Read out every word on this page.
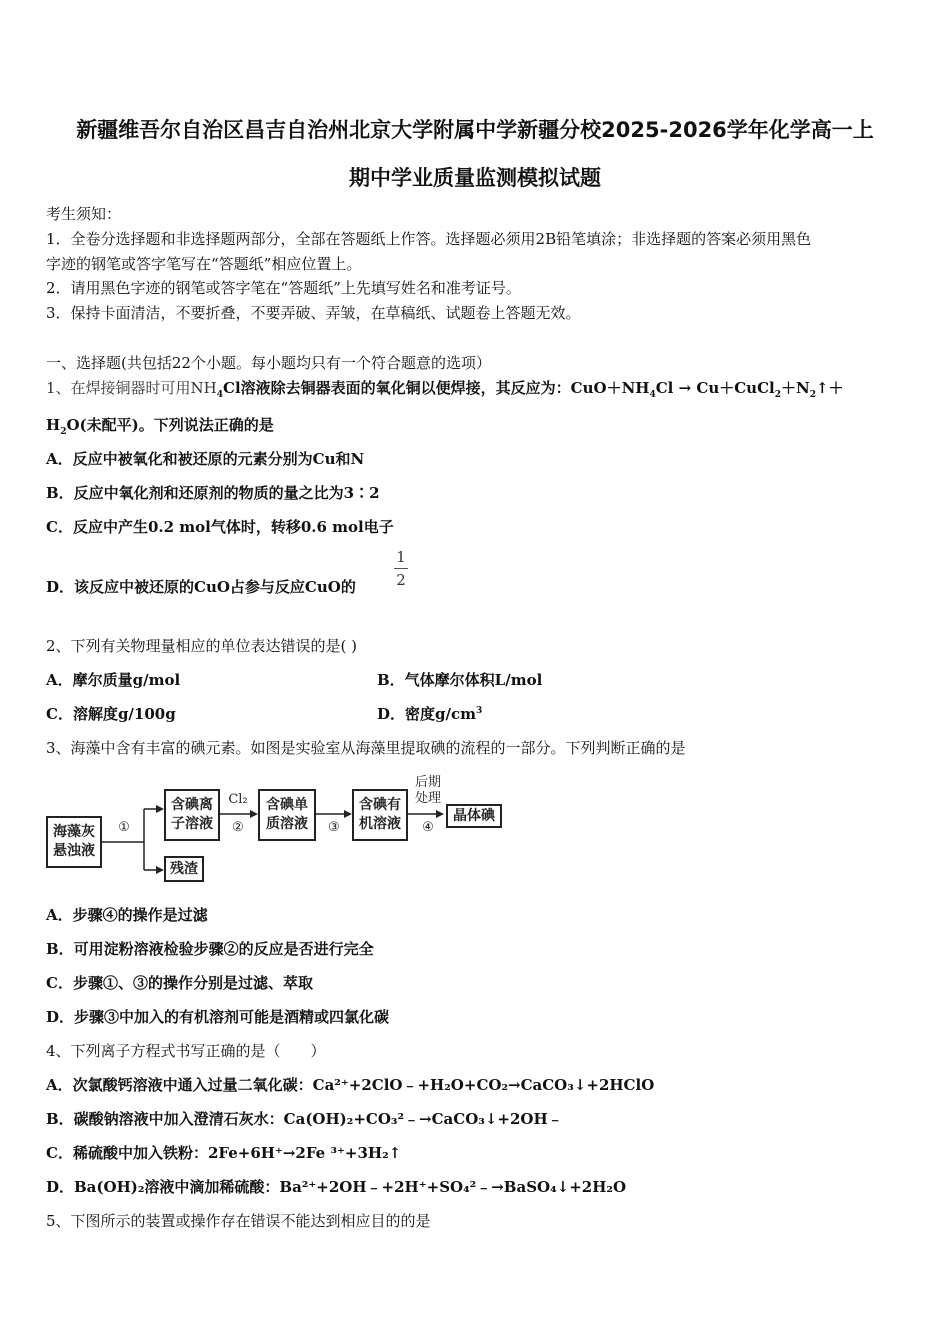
新疆维吾尔自治区昌吉自治州北京大学附属中学新疆分校2025-2026学年化学高一上
期中学业质量监测模拟试题
考生须知：
1．全卷分选择题和非选择题两部分，全部在答题纸上作答。选择题必须用2B铅笔填涂；非选择题的答案必须用黑色
字迹的钢笔或答字笔写在“答题纸”相应位置上。
2．请用黑色字迹的钢笔或答字笔在“答题纸”上先填写姓名和准考证号。
3．保持卡面清洁，不要折叠，不要弄破、弄皱，在草稿纸、试题卷上答题无效。
一、选择题(共包括22个小题。每小题均只有一个符合题意的选项）
1、在焊接铜器时可用$NH_4Cl$溶液除去铜器表面的氧化铜以便焊接，其反应为：$CuO+NH_4Cl$ → $Cu+CuCl_2+N_2↑+$
$H_2O$(未配平)。下列说法正确的是
A．反应中被氧化和被还原的元素分别为Cu和N
B．反应中氧化剂和还原剂的物质的量之比为3∶2
C．反应中产生0.2 mol气体时，转移0.6 mol电子
D．该反应中被还原的CuO占参与反应CuO的
1
2
2、下列有关物理量相应的单位表达错误的是( )
A．摩尔质量g/mol	B．气体摩尔体积L/mol
C．溶解度g/100g	D．密度$g/cm^3$
3、海藻中含有丰富的碘元素。如图是实验室从海藻里提取碘的流程的一部分。下列判断正确的是
海藻灰悬浊液
含碘离子溶液
含碘单质溶液
含碘有机溶液	晶体碘
残渣
①
Cl₂
②	③
后期处理
④
A．步骤④的操作是过滤
B．可用淀粉溶液检验步骤②的反应是否进行完全
C．步骤①、③的操作分别是过滤、萃取
D．步骤③中加入的有机溶剂可能是酒精或四氯化碳
4、下列离子方程式书写正确的是（　　）
A．次氯酸钙溶液中通入过量二氧化碳：Ca²⁺+2ClO﹣+H₂O+CO₂→CaCO₃↓+2HClO
B．碳酸钠溶液中加入澄清石灰水：Ca(OH)₂+CO₃²﹣→CaCO₃↓+2OH﹣
C．稀硫酸中加入铁粉：2Fe+6H⁺→2Fe ³⁺+3H₂↑
D．Ba(OH)₂溶液中滴加稀硫酸：Ba²⁺+2OH﹣+2H⁺+SO₄²﹣→BaSO₄↓+2H₂O
5、下图所示的装置或操作存在错误不能达到相应目的的是
